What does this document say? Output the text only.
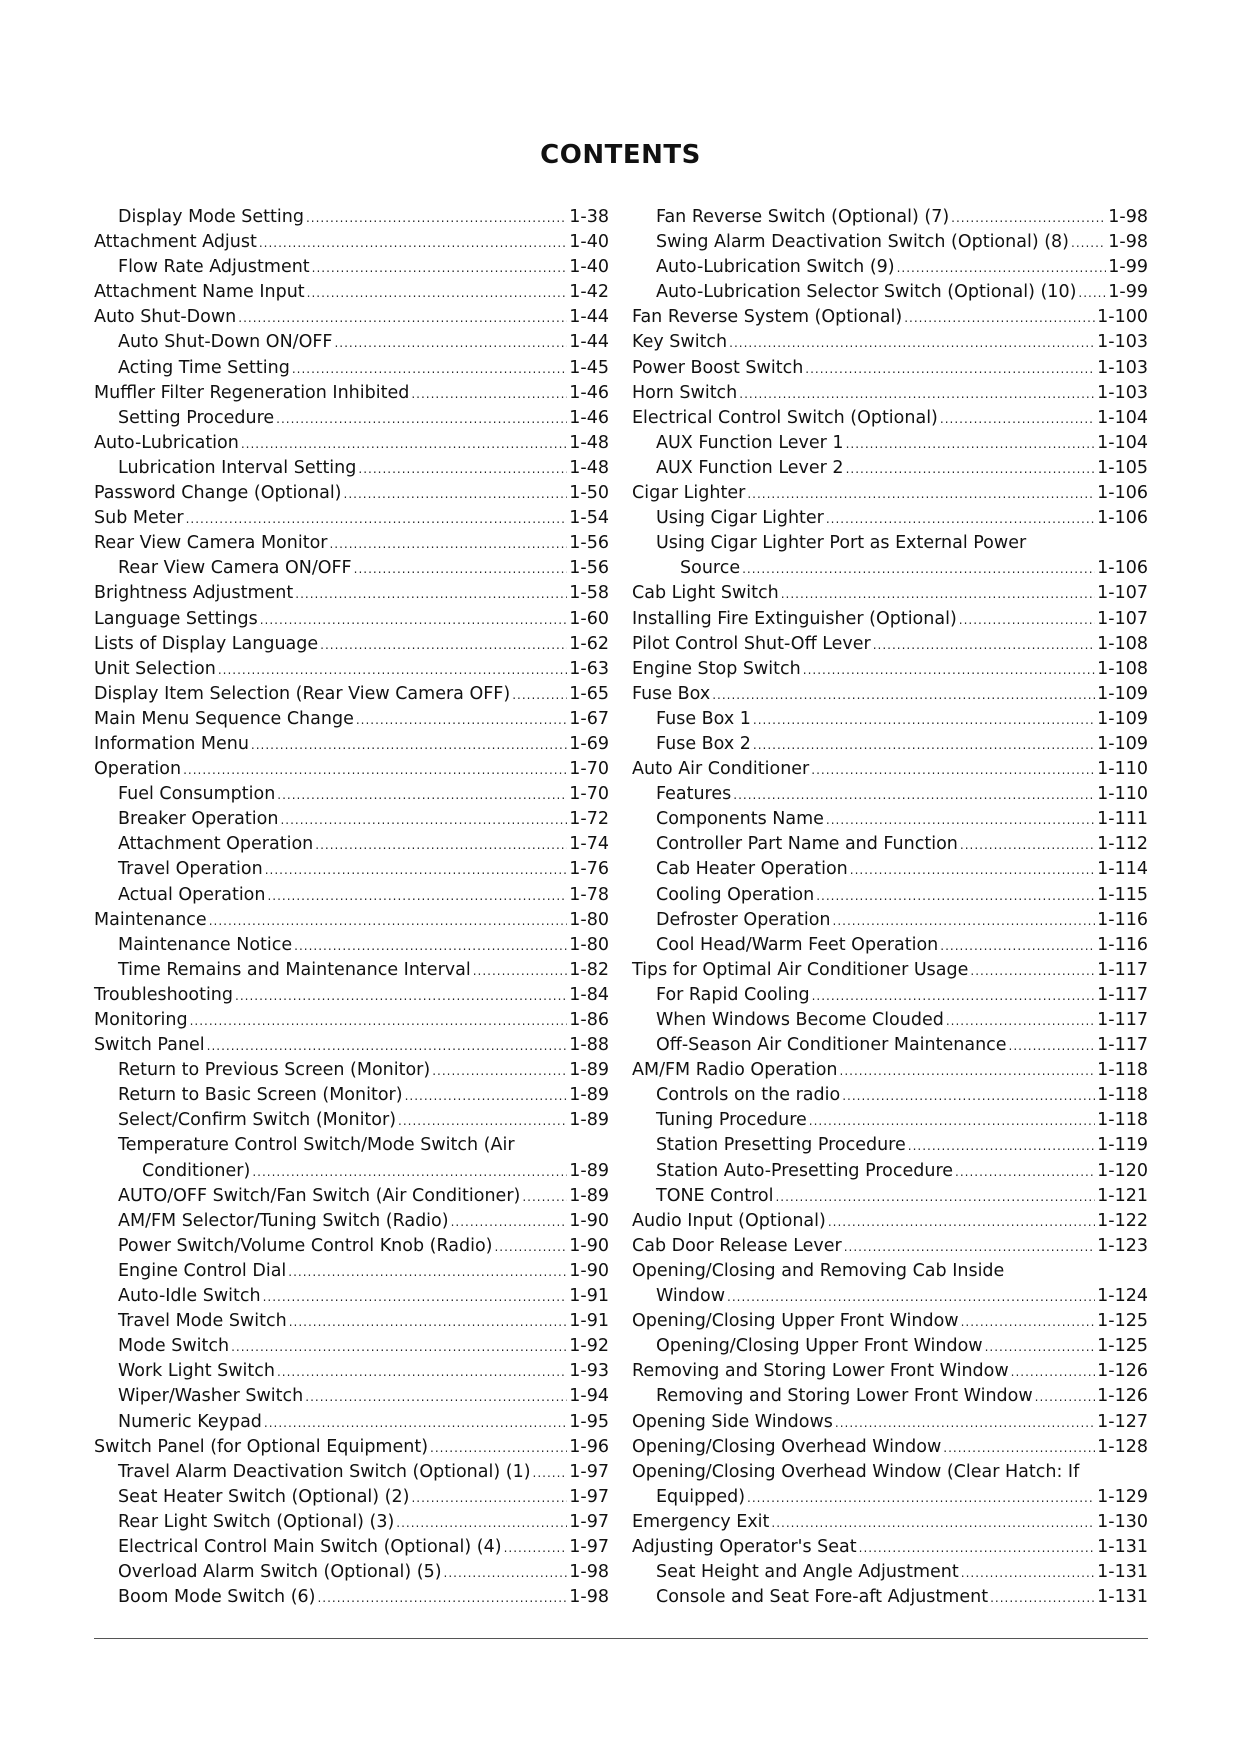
CONTENTS
Display Mode Setting .....	1-38
Attachment Adjust .....	1-40
Flow Rate Adjustment .....	1-40
Attachment Name Input .....	1-42
Auto Shut-Down .....	1-44
Auto Shut-Down ON/OFF .....	1-44
Acting Time Setting .....	1-45
Muffler Filter Regeneration Inhibited .....	1-46
Setting Procedure .....	1-46
Auto-Lubrication .....	1-48
Lubrication Interval Setting .....	1-48
Password Change (Optional) .....	1-50
Sub Meter .....	1-54
Rear View Camera Monitor .....	1-56
Rear View Camera ON/OFF .....	1-56
Brightness Adjustment .....	1-58
Language Settings .....	1-60
Lists of Display Language .....	1-62
Unit Selection .....	1-63
Display Item Selection (Rear View Camera OFF) .....	1-65
Main Menu Sequence Change .....	1-67
Information Menu .....	1-69
Operation .....	1-70
Fuel Consumption .....	1-70
Breaker Operation .....	1-72
Attachment Operation .....	1-74
Travel Operation .....	1-76
Actual Operation .....	1-78
Maintenance .....	1-80
Maintenance Notice .....	1-80
Time Remains and Maintenance Interval .....	1-82
Troubleshooting .....	1-84
Monitoring .....	1-86
Switch Panel .....	1-88
Return to Previous Screen (Monitor) .....	1-89
Return to Basic Screen (Monitor) .....	1-89
Select/Confirm Switch (Monitor) .....	1-89
Temperature Control Switch/Mode Switch (Air
Conditioner) .....	1-89
AUTO/OFF Switch/Fan Switch (Air Conditioner) .....	1-89
AM/FM Selector/Tuning Switch (Radio) .....	1-90
Power Switch/Volume Control Knob (Radio) .....	1-90
Engine Control Dial .....	1-90
Auto-Idle Switch .....	1-91
Travel Mode Switch .....	1-91
Mode Switch .....	1-92
Work Light Switch .....	1-93
Wiper/Washer Switch .....	1-94
Numeric Keypad .....	1-95
Switch Panel (for Optional Equipment) .....	1-96
Travel Alarm Deactivation Switch (Optional) (1) ..... 1-97
Seat Heater Switch (Optional) (2) .....	1-97
Rear Light Switch (Optional) (3) .....	1-97
Electrical Control Main Switch (Optional) (4) .....	1-97
Overload Alarm Switch (Optional) (5) .....	1-98
Boom Mode Switch (6) .....	1-98
Fan Reverse Switch (Optional) (7) .....	1-98
Swing Alarm Deactivation Switch (Optional) (8) ..... 1-98
Auto-Lubrication Switch (9) .....	1-99
Auto-Lubrication Selector Switch (Optional) (10) ..... 1-99
Fan Reverse System (Optional) .....	1-100
Key Switch .....	1-103
Power Boost Switch .....	1-103
Horn Switch .....	1-103
Electrical Control Switch (Optional) .....	1-104
AUX Function Lever 1 .....	1-104
AUX Function Lever 2 .....	1-105
Cigar Lighter .....	1-106
Using Cigar Lighter .....	1-106
Using Cigar Lighter Port as External Power
Source .....	1-106
Cab Light Switch .....	1-107
Installing Fire Extinguisher (Optional) .....	1-107
Pilot Control Shut-Off Lever .....	1-108
Engine Stop Switch .....	1-108
Fuse Box .....	1-109
Fuse Box 1 .....	1-109
Fuse Box 2 .....	1-109
Auto Air Conditioner .....	1-110
Features .....	1-110
Components Name .....	1-111
Controller Part Name and Function .....	1-112
Cab Heater Operation .....	1-114
Cooling Operation .....	1-115
Defroster Operation .....	1-116
Cool Head/Warm Feet Operation .....	1-116
Tips for Optimal Air Conditioner Usage .....	1-117
For Rapid Cooling .....	1-117
When Windows Become Clouded .....	1-117
Off-Season Air Conditioner Maintenance .....	1-117
AM/FM Radio Operation .....	1-118
Controls on the radio .....	1-118
Tuning Procedure .....	1-118
Station Presetting Procedure .....	1-119
Station Auto-Presetting Procedure .....	1-120
TONE Control .....	1-121
Audio Input (Optional) .....	1-122
Cab Door Release Lever .....	1-123
Opening/Closing and Removing Cab Inside
Window .....	1-124
Opening/Closing Upper Front Window .....	1-125
Opening/Closing Upper Front Window .....	1-125
Removing and Storing Lower Front Window .....	1-126
Removing and Storing Lower Front Window .....	1-126
Opening Side Windows .....	1-127
Opening/Closing Overhead Window .....	1-128
Opening/Closing Overhead Window (Clear Hatch: If
Equipped) .....	1-129
Emergency Exit .....	1-130
Adjusting Operator's Seat .....	1-131
Seat Height and Angle Adjustment .....	1-131
Console and Seat Fore-aft Adjustment .....	1-131
